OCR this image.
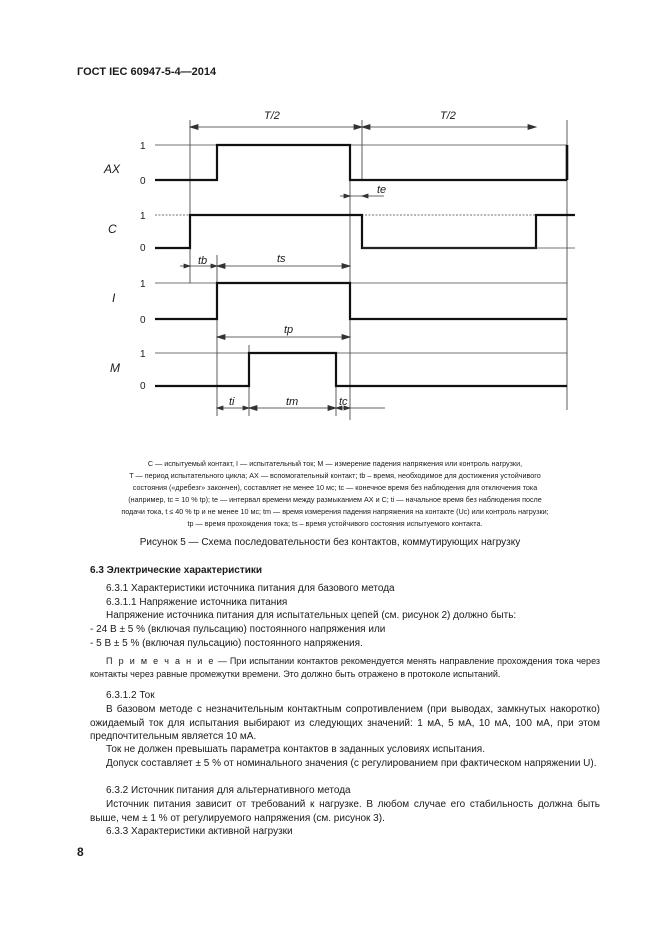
ГОСТ IEC 60947-5-4—2014
T/2	T/2
AX
1
0
te
C
1
0
tb	ts
I
1
0
tp
M
1
0
ti	tm	tc
C — испытуемый контакт, I — испытательный ток; M — измерение падения напряжения или контроль нагрузки,
T — период испытательного цикла; AX — вспомогательный контакт; tb – время, необходимое для достижения устойчивого
состояния («дребезг» закончен), составляет не менее 10 мс; tc — конечное время без наблюдения для отключения тока
(например, tc = 10 % tp); te — интервал времени между размыканием AX и C; ti — начальное время без наблюдения после
подачи тока, t ≤ 40 % tp и не менее 10 мс; tm — время измерения падения напряжения на контакте (Uc) или контроль нагрузки;
tp — время прохождения тока; ts – время устойчивого состояния испытуемого контакта.
Рисунок 5 — Схема последовательности без контактов, коммутирующих нагрузку

6.3 Электрические характеристики

6.3.1 Характеристики источника питания для базового метода

6.3.1.1 Напряжение источника питания

Напряжение источника питания для испытательных цепей (см. рисунок 2) должно быть:

- 24 В ± 5 % (включая пульсацию) постоянного напряжения или

- 5 В ± 5 % (включая пульсацию) постоянного напряжения.

П р и м е ч а н и е — При испытании контактов рекомендуется менять направление прохождения тока через контакты через равные промежутки времени. Это должно быть отражено в протоколе испытаний.

6.3.1.2 Ток

В базовом методе с незначительным контактным сопротивлением (при выводах, замкнутых накоротко) ожидаемый ток для испытания выбирают из следующих значений: 1 мА, 5 мА, 10 мА, 100 мА, при этом предпочтительным является 10 мА.

Ток не должен превышать параметра контактов в заданных условиях испытания.

Допуск составляет ± 5 % от номинального значения (с регулированием при фактическом напряжении U).

6.3.2 Источник питания для альтернативного метода

Источник питания зависит от требований к нагрузке. В любом случае его стабильность должна быть выше, чем ± 1 % от регулируемого напряжения (см. рисунок 3).

6.3.3 Характеристики активной нагрузки

8
